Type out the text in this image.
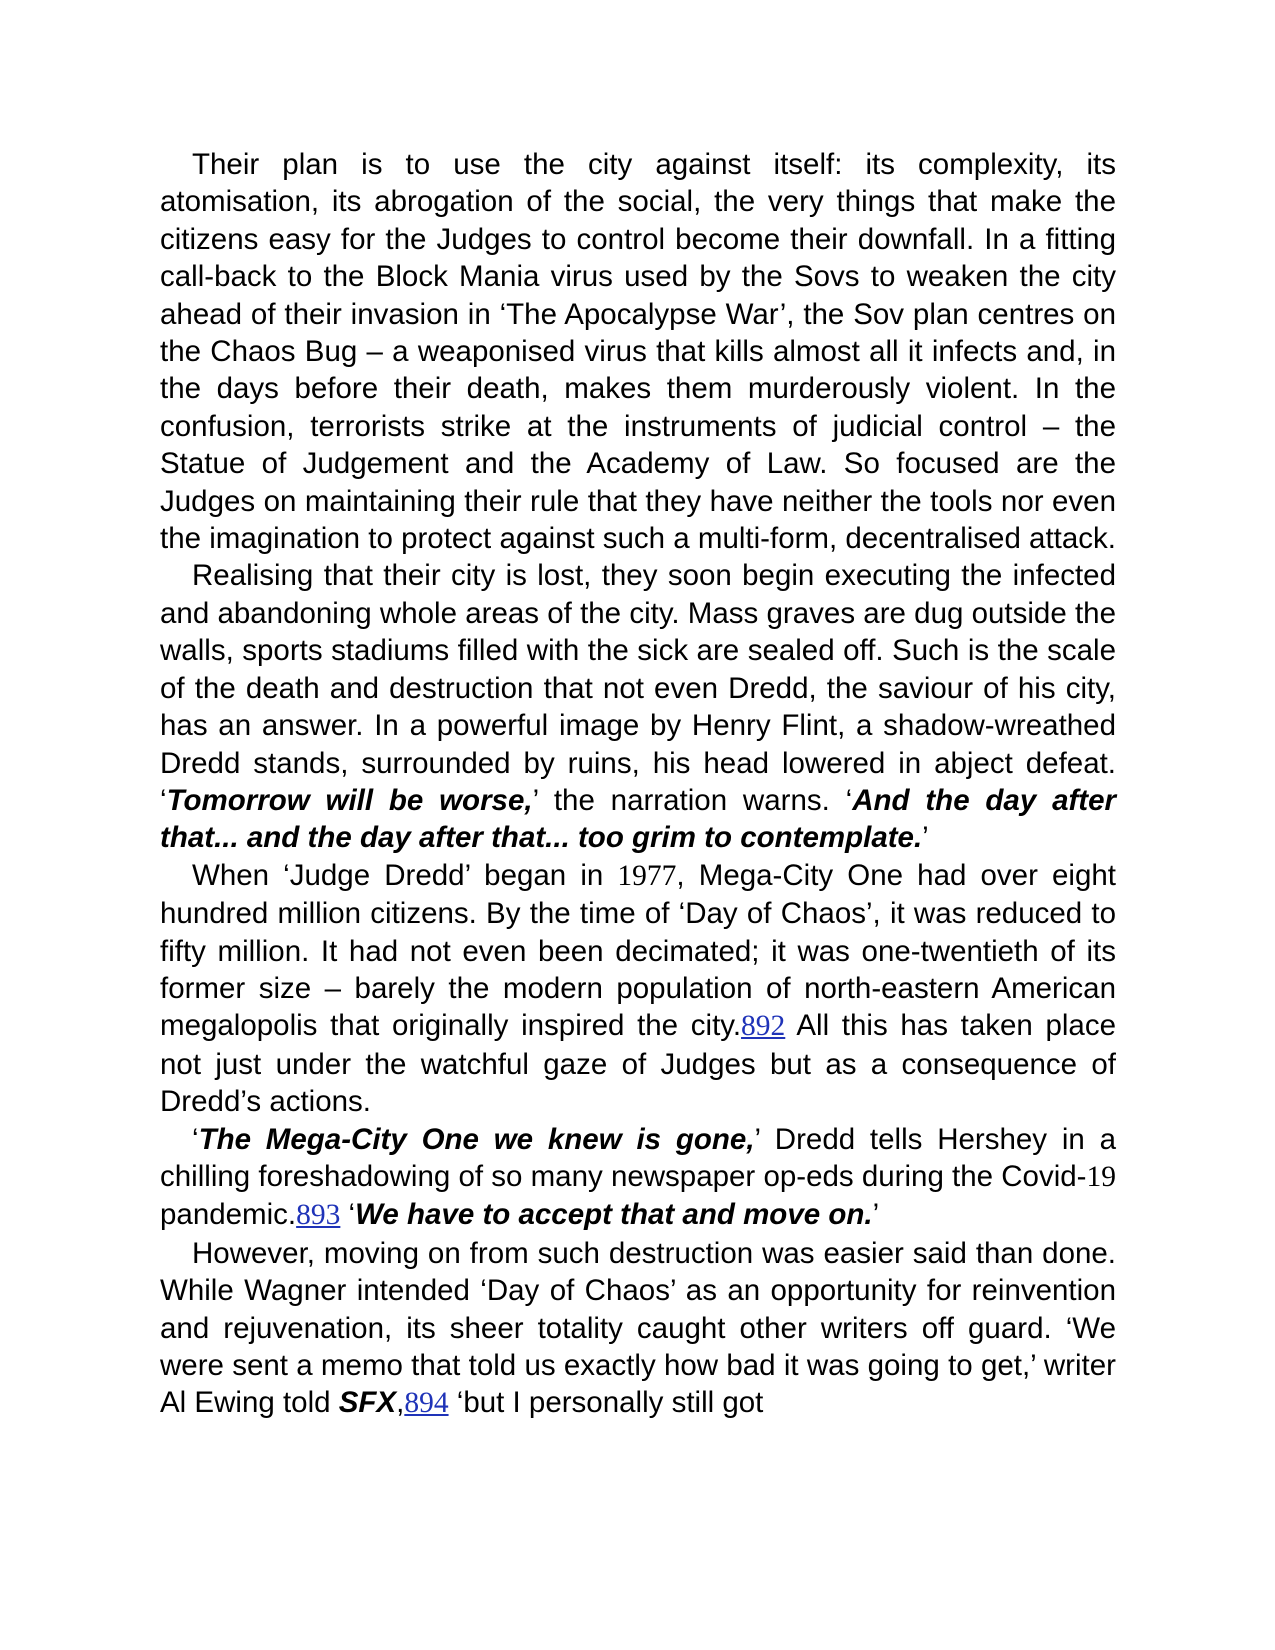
Their plan is to use the city against itself: its complexity, its atomisation, its abrogation of the social, the very things that make the citizens easy for the Judges to control become their downfall. In a fitting call-back to the Block Mania virus used by the Sovs to weaken the city ahead of their invasion in ‘The Apocalypse War’, the Sov plan centres on the Chaos Bug – a weaponised virus that kills almost all it infects and, in the days before their death, makes them murderously violent. In the confusion, terrorists strike at the instruments of judicial control – the Statue of Judgement and the Academy of Law. So focused are the Judges on maintaining their rule that they have neither the tools nor even the imagination to protect against such a multi-form, decentralised attack.

Realising that their city is lost, they soon begin executing the infected and abandoning whole areas of the city. Mass graves are dug outside the walls, sports stadiums filled with the sick are sealed off. Such is the scale of the death and destruction that not even Dredd, the saviour of his city, has an answer. In a powerful image by Henry Flint, a shadow-wreathed Dredd stands, surrounded by ruins, his head lowered in abject defeat. ‘Tomorrow will be worse,’ the narration warns. ‘And the day after that... and the day after that... too grim to contemplate.’

When ‘Judge Dredd’ began in 1977, Mega-City One had over eight hundred million citizens. By the time of ‘Day of Chaos’, it was reduced to fifty million. It had not even been decimated; it was one-twentieth of its former size – barely the modern population of north-eastern American megalopolis that originally inspired the city.892 All this has taken place not just under the watchful gaze of Judges but as a consequence of Dredd’s actions.

‘The Mega-City One we knew is gone,’ Dredd tells Hershey in a chilling foreshadowing of so many newspaper op-eds during the Covid-19 pandemic.893 ‘We have to accept that and move on.’

However, moving on from such destruction was easier said than done. While Wagner intended ‘Day of Chaos’ as an opportunity for reinvention and rejuvenation, its sheer totality caught other writers off guard. ‘We were sent a memo that told us exactly how bad it was going to get,’ writer Al Ewing told SFX,894 ‘but I personally still got
